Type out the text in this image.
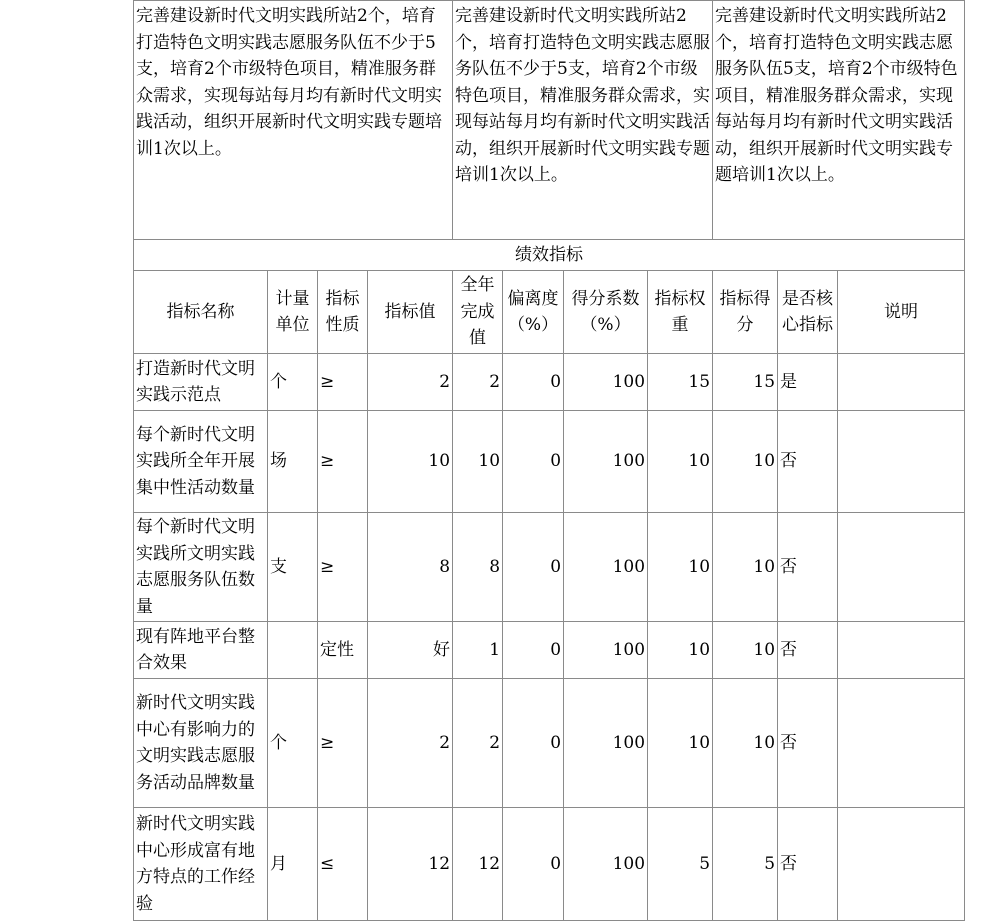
完善建设新时代文明实践所站2个，培育打造特色文明实践志愿服务队伍不少于5支，培育2个市级特色项目，精准服务群众需求，实现每站每月均有新时代文明实践活动，组织开展新时代文明实践专题培训1次以上。				完善建设新时代文明实践所站2个，培育打造特色文明实践志愿服务队伍不少于5支，培育2个市级特色项目，精准服务群众需求，实现每站每月均有新时代文明实践活动，组织开展新时代文明实践专题培训1次以上。				完善建设新时代文明实践所站2个，培育打造特色文明实践志愿服务队伍5支，培育2个市级特色项目，精准服务群众需求，实现每站每月均有新时代文明实践活动，组织开展新时代文明实践专题培训1次以上。		
绩效指标										
指标名称	计量单位	指标性质	指标值	全年完成值	偏离度（%）	得分系数（%）	指标权重	指标得分	是否核心指标	说明
打造新时代文明实践示范点	个	≥	2	2	0	100	15	15	是	
每个新时代文明实践所全年开展集中性活动数量	场	≥	10	10	0	100	10	10	否	
每个新时代文明实践所文明实践志愿服务队伍数量	支	≥	8	8	0	100	10	10	否	
现有阵地平台整合效果		定性	好	1	0	100	10	10	否	
新时代文明实践中心有影响力的文明实践志愿服务活动品牌数量	个	≥	2	2	0	100	10	10	否	
新时代文明实践中心形成富有地方特点的工作经验	月	≤	12	12	0	100	5	5	否	
